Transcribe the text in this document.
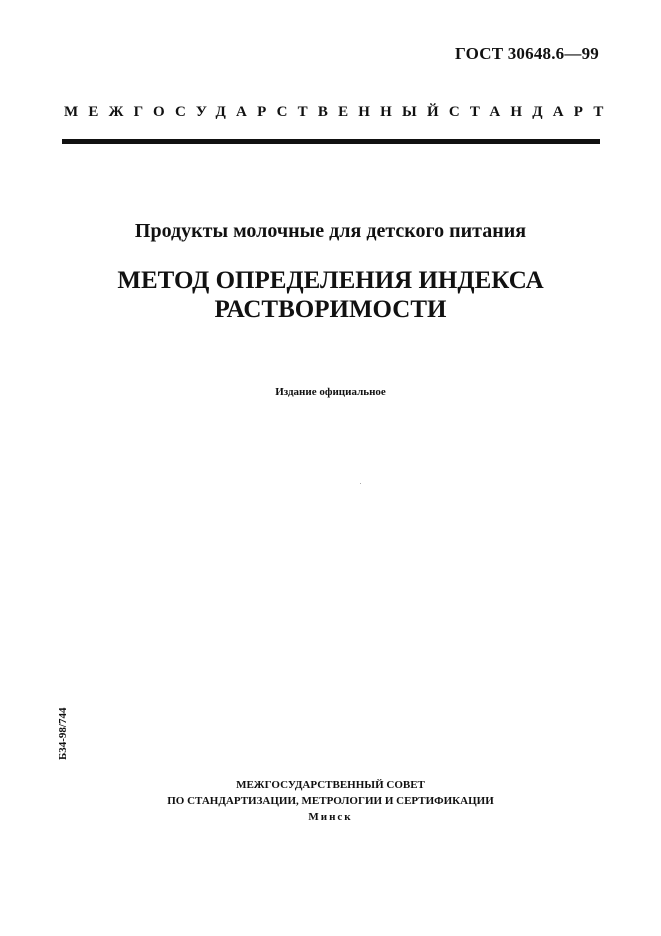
ГОСТ 30648.6—99
МЕЖГОСУДАРСТВЕННЫЙ СТАНДАРТ
Продукты молочные для детского питания
МЕТОД ОПРЕДЕЛЕНИЯ ИНДЕКСА
РАСТВОРИМОСТИ
Издание официальное
Б34-98/744
МЕЖГОСУДАРСТВЕННЫЙ СОВЕТ
ПО СТАНДАРТИЗАЦИИ, МЕТРОЛОГИИ И СЕРТИФИКАЦИИ
Минск
